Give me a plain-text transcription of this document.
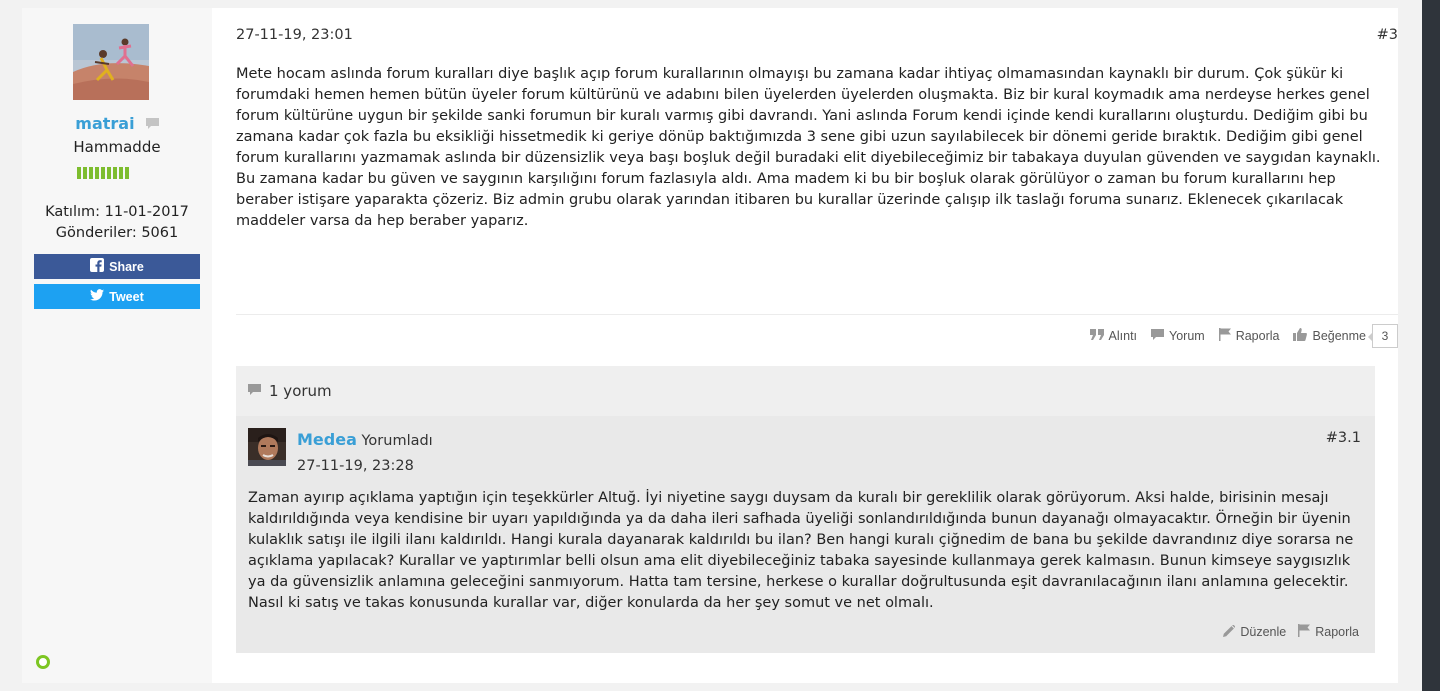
matrai
Hammadde
Katılım: 11-01-2017
Gönderiler: 5061
Share
Tweet
27-11-19, 23:01	#3
Mete hocam aslında forum kuralları diye başlık açıp forum kurallarının olmayışı bu zamana kadar ihtiyaç olmamasından kaynaklı bir durum. Çok şükür ki forumdaki hemen hemen bütün üyeler forum kültürünü ve adabını bilen üyelerden üyelerden oluşmakta. Biz bir kural koymadık ama nerdeyse herkes genel forum kültürüne uygun bir şekilde sanki forumun bir kuralı varmış gibi davrandı. Yani aslında Forum kendi içinde kendi kurallarını oluşturdu. Dediğim gibi bu zamana kadar çok fazla bu eksikliği hissetmedik ki geriye dönüp baktığımızda 3 sene gibi uzun sayılabilecek bir dönemi geride bıraktık. Dediğim gibi genel forum kurallarını yazmamak aslında bir düzensizlik veya başı boşluk değil buradaki elit diyebileceğimiz bir tabakaya duyulan güvenden ve saygıdan kaynaklı. Bu zamana kadar bu güven ve saygının karşılığını forum fazlasıyla aldı. Ama madem ki bu bir boşluk olarak görülüyor o zaman bu forum kurallarını hep beraber istişare yaparakta çözeriz. Biz admin grubu olarak yarından itibaren bu kurallar üzerinde çalışıp ilk taslağı foruma sunarız. Eklenecek çıkarılacak maddeler varsa da hep beraber yaparız.
Alıntı	Yorum Raporla	Beğenme	3
1 yorum
Medea Yorumladı
27-11-19, 23:28
#3.1
Zaman ayırıp açıklama yaptığın için teşekkürler Altuğ. İyi niyetine saygı duysam da kuralı bir gereklilik olarak görüyorum. Aksi halde, birisinin mesajı kaldırıldığında veya kendisine bir uyarı yapıldığında ya da daha ileri safhada üyeliği sonlandırıldığında bunun dayanağı olmayacaktır. Örneğin bir üyenin kulaklık satışı ile ilgili ilanı kaldırıldı. Hangi kurala dayanarak kaldırıldı bu ilan? Ben hangi kuralı çiğnedim de bana bu şekilde davrandınız diye sorarsa ne açıklama yapılacak? Kurallar ve yaptırımlar belli olsun ama elit diyebileceğiniz tabaka sayesinde kullanmaya gerek kalmasın. Bunun kimseye saygısızlık ya da güvensizlik anlamına geleceğini sanmıyorum. Hatta tam tersine, herkese o kurallar doğrultusunda eşit davranılacağının ilanı anlamına gelecektir. Nasıl ki satış ve takas konusunda kurallar var, diğer konularda da her şey somut ve net olmalı.
Düzenle Raporla
